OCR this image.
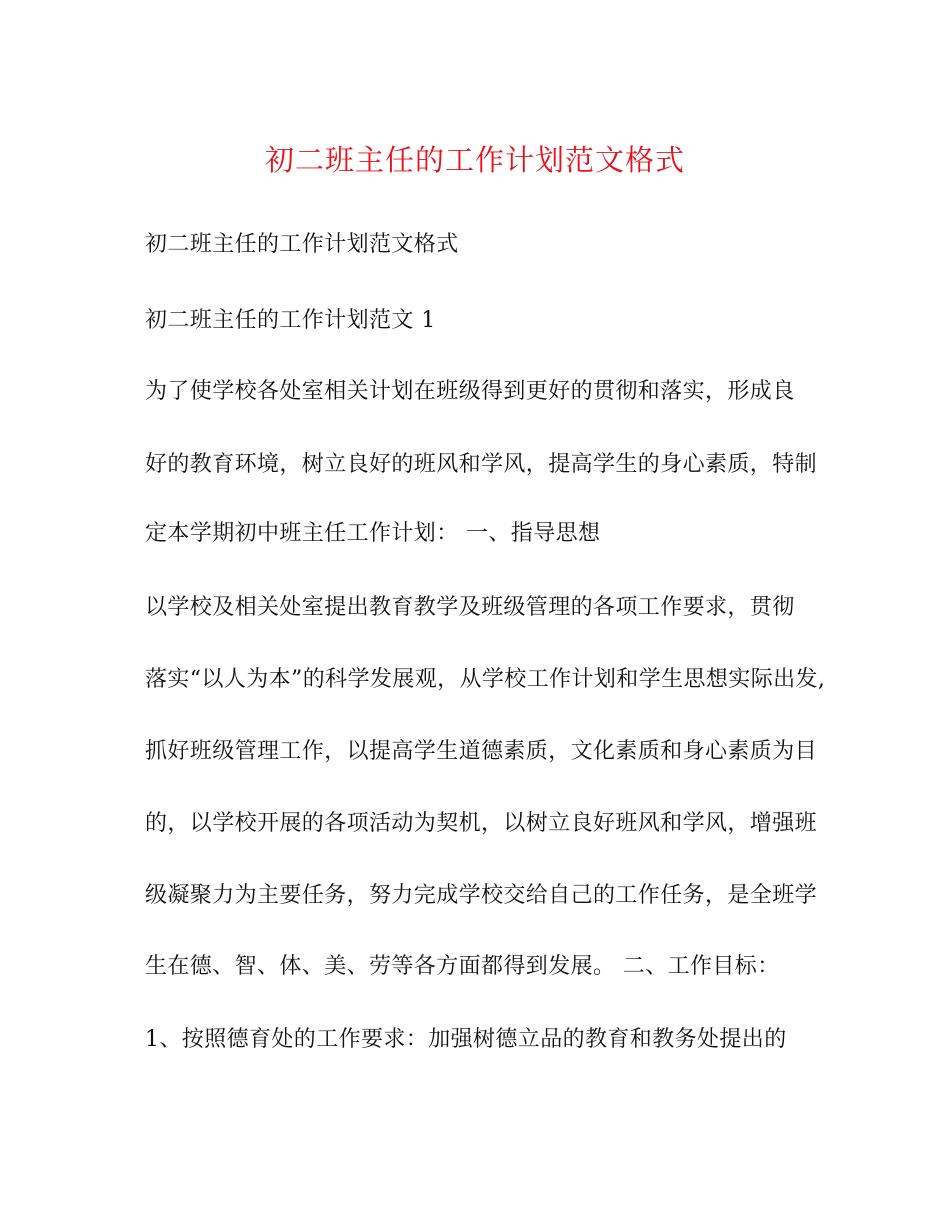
初二班主任的工作计划范文格式
初二班主任的工作计划范文格式
初二班主任的工作计划范文 1
为了使学校各处室相关计划在班级得到更好的贯彻和落实，形成良
好的教育环境，树立良好的班风和学风，提高学生的身心素质，特制
定本学期初中班主任工作计划： 一、指导思想
以学校及相关处室提出教育教学及班级管理的各项工作要求，贯彻
落实“以人为本”的科学发展观，从学校工作计划和学生思想实际出发,
抓好班级管理工作，以提高学生道德素质，文化素质和身心素质为目
的，以学校开展的各项活动为契机，以树立良好班风和学风，增强班
级凝聚力为主要任务，努力完成学校交给自己的工作任务，是全班学
生在德、智、体、美、劳等各方面都得到发展。 二、工作目标：
1、按照德育处的工作要求：加强树德立品的教育和教务处提出的
